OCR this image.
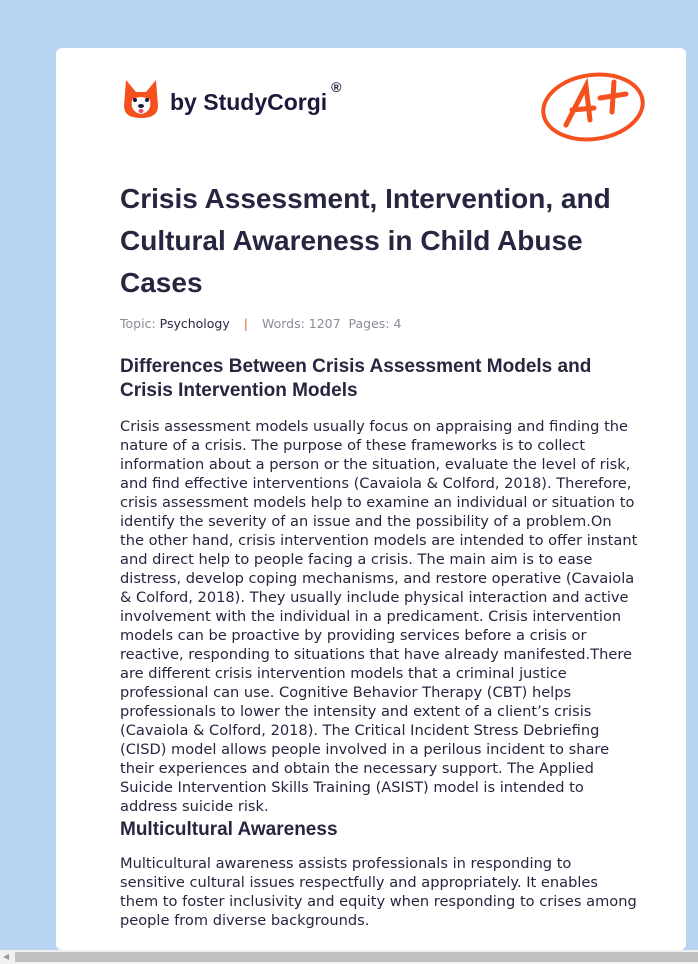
by StudyCorgi®
Crisis Assessment, Intervention, and Cultural Awareness in Child Abuse Cases
Topic: Psychology | Words: 1207 Pages: 4
Differences Between Crisis Assessment Models and Crisis Intervention Models

Crisis assessment models usually focus on appraising and finding the nature of a crisis. The purpose of these frameworks is to collect information about a person or the situation, evaluate the level of risk, and find effective interventions (Cavaiola & Colford, 2018). Therefore, crisis assessment models help to examine an individual or situation to identify the severity of an issue and the possibility of a problem.On the other hand, crisis intervention models are intended to offer instant and direct help to people facing a crisis. The main aim is to ease distress, develop coping mechanisms, and restore operative (Cavaiola & Colford, 2018). They usually include physical interaction and active involvement with the individual in a predicament. Crisis intervention models can be proactive by providing services before a crisis or reactive, responding to situations that have already manifested.There are different crisis intervention models that a criminal justice professional can use. Cognitive Behavior Therapy (CBT) helps professionals to lower the intensity and extent of a client’s crisis (Cavaiola & Colford, 2018). The Critical Incident Stress Debriefing (CISD) model allows people involved in a perilous incident to share their experiences and obtain the necessary support. The Applied Suicide Intervention Skills Training (ASIST) model is intended to address suicide risk.

Multicultural Awareness

Multicultural awareness assists professionals in responding to sensitive cultural issues respectfully and appropriately. It enables them to foster inclusivity and equity when responding to crises among people from diverse backgrounds.

◀
